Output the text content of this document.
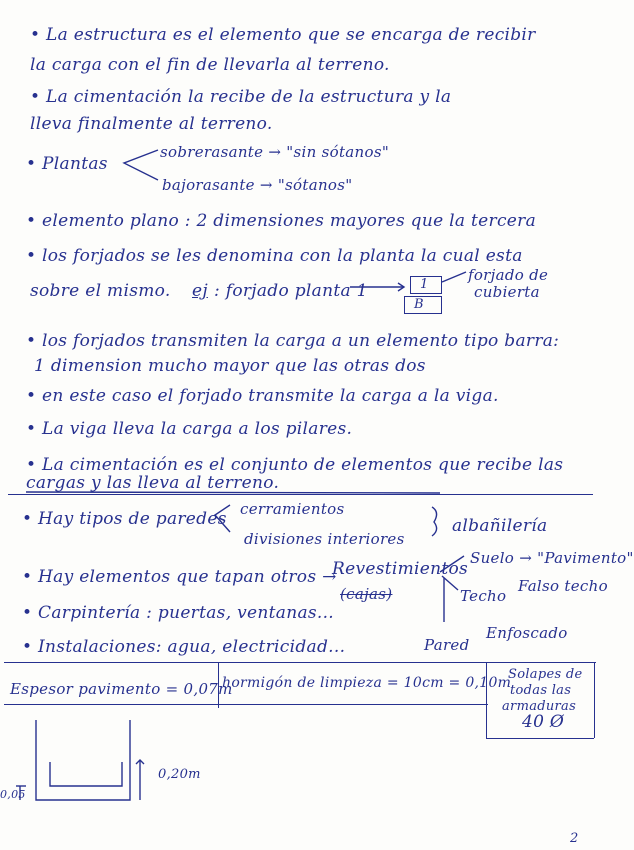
• La estructura es el elemento que se encarga de recibir
la carga con el fin de llevarla al terreno.
• La cimentación la recibe de la estructura y la
lleva finalmente al terreno.
• Plantas
sobrerasante → "sin sótanos"
bajorasante → "sótanos"
• elemento plano : 2 dimensiones mayores que la tercera
• los forjados se les denomina con la planta la cual esta
sobre el mismo. ej : forjado planta 1	1
B
forjado de
cubierta
• los forjados transmiten la carga a un elemento tipo barra:
1 dimension mucho mayor que las otras dos
• en este caso el forjado transmite la carga a la viga.
• La viga lleva la carga a los pilares.
• La cimentación es el conjunto de elementos que recibe las
cargas y las lleva al terreno.
• Hay tipos de paredes cerramientos
divisiones interiores
albañilería
• Hay elementos que tapan otros →
Revestimientos
(cajas)
Suelo → "Pavimento"
Techo
Falso techo
Pared
Enfoscado
• Carpintería : puertas, ventanas...
• Instalaciones: agua, electricidad...
Espesor pavimento = 0,07m
hormigón de limpieza = 10cm = 0,10m
Solapes de
todas las
armaduras
40 Ø
0,20m
0,05
2
